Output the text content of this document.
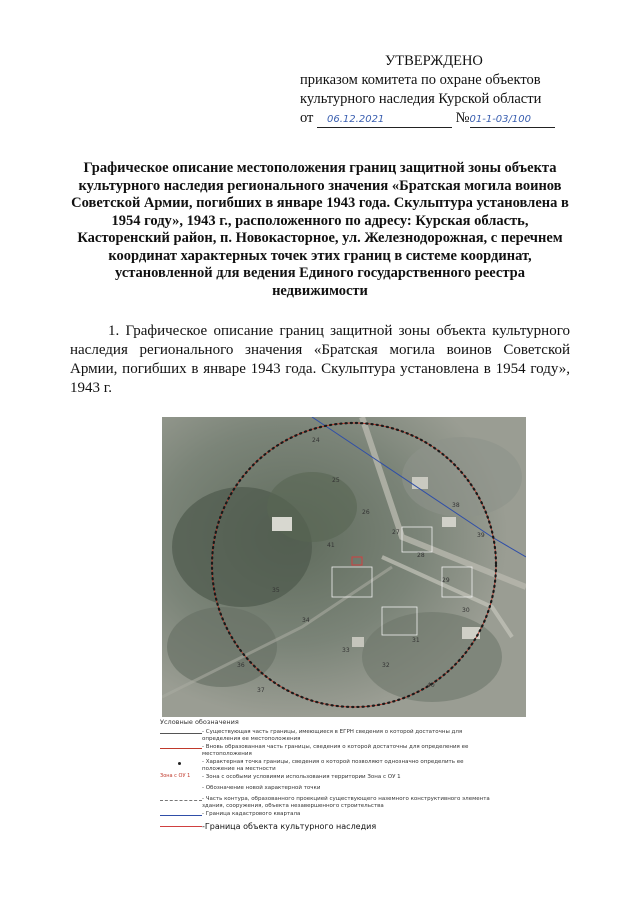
УТВЕРЖДЕНО
приказом комитета по охране объектов
культурного наследия Курской области
от 06.12.2021	№01-1-03/100
Графическое описание местоположения границ защитной зоны объекта культурного наследия регионального значения «Братская могила воинов Советской Армии, погибших в январе 1943 года. Скульптура установлена в 1954 году», 1943 г., расположенного по адресу: Курская область, Касторенский район, п. Новокасторное, ул. Железнодорожная, с перечнем координат характерных точек этих границ в системе координат, установленной для ведения Единого государственного реестра недвижимости
1. Графическое описание границ защитной зоны объекта культурного наследия регионального значения «Братская могила воинов Советской Армии, погибших в январе 1943 года. Скульптура установлена в 1954 году», 1943 г.
24
25
26
27
28
29
30
31
32
33
34
35
36
37
38
39
40
41
Условные обозначения
- Существующая часть границы, имеющиеся в ЕГРН сведения о которой достаточны для определения ее местоположения
- Вновь образованная часть границы, сведения о которой достаточны для определения ее местоположения
- Характерная точка границы, сведения о которой позволяют однозначно определить ее положение на местности
Зона с ОУ 1 - Зона с особыми условиями использования территории Зона с ОУ 1
- Обозначение новой характерной точки
- Часть контура, образованного проекцией существующего наземного конструктивного элемента здания, сооружения, объекта незавершенного строительства
- Граница кадастрового квартала
-Граница объекта культурного наследия
